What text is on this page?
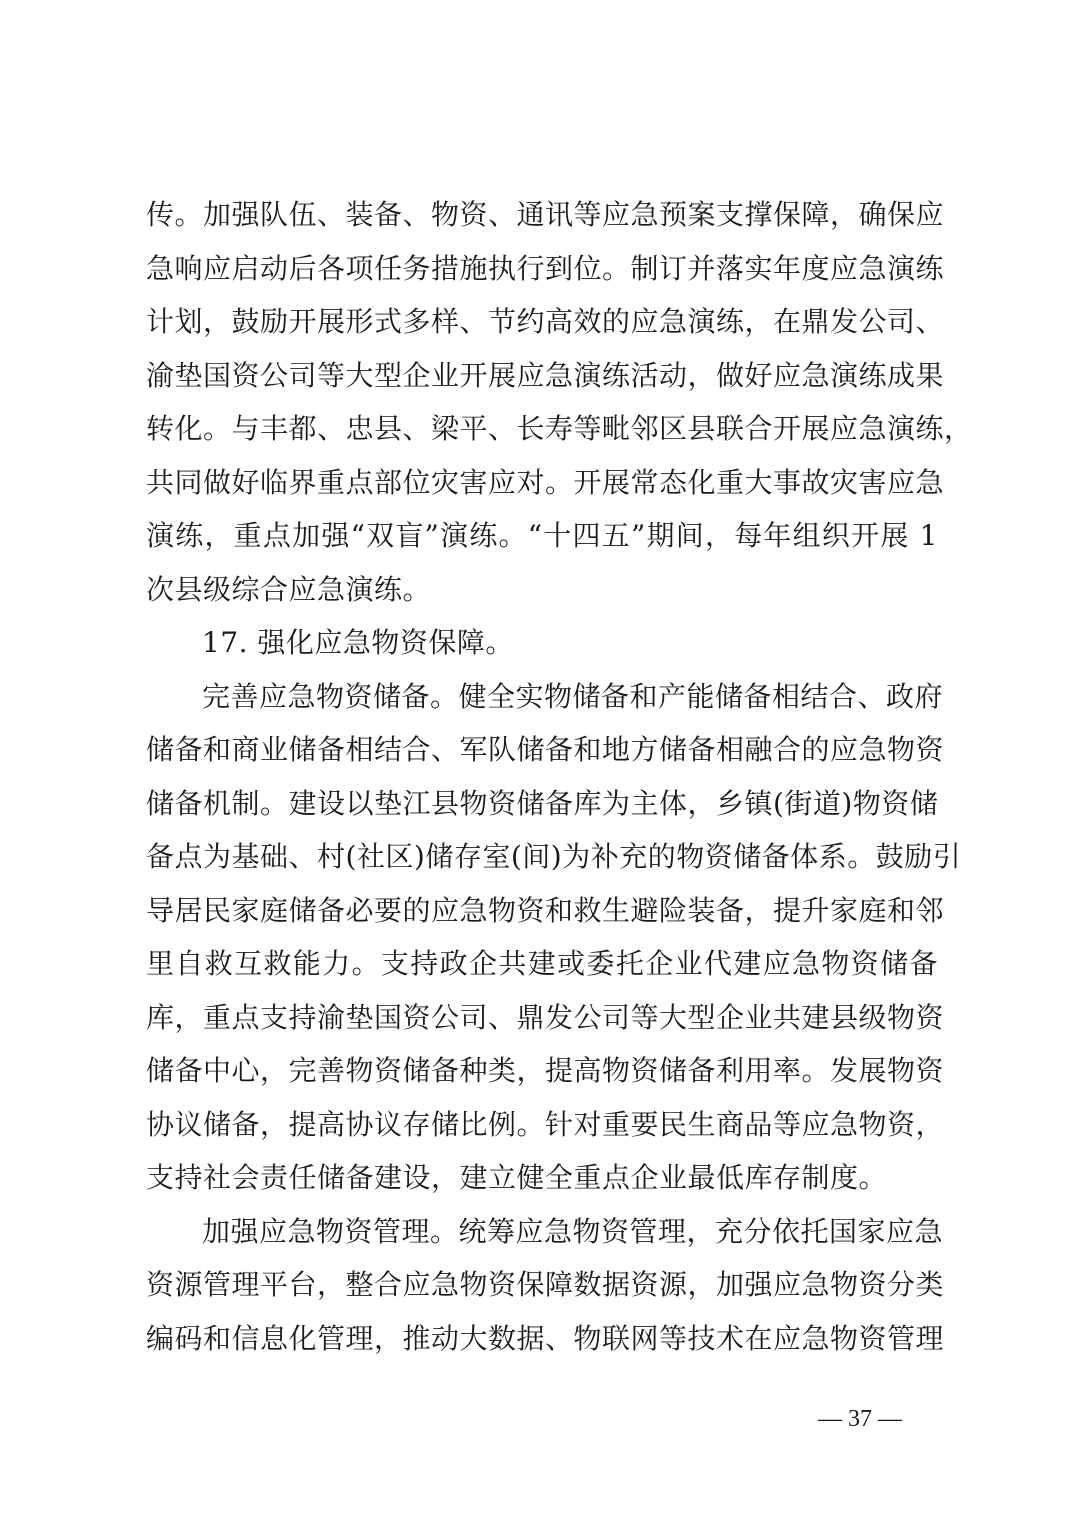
传。加强队伍、装备、物资、通讯等应急预案支撑保障，确保应
急响应启动后各项任务措施执行到位。制订并落实年度应急演练
计划，鼓励开展形式多样、节约高效的应急演练，在鼎发公司、
渝垫国资公司等大型企业开展应急演练活动，做好应急演练成果
转化。与丰都、忠县、梁平、长寿等毗邻区县联合开展应急演练，
共同做好临界重点部位灾害应对。开展常态化重大事故灾害应急
演练，重点加强“双盲”演练。“十四五”期间，每年组织开展 1
次县级综合应急演练。
17. 强化应急物资保障。
完善应急物资储备。健全实物储备和产能储备相结合、政府
储备和商业储备相结合、军队储备和地方储备相融合的应急物资
储备机制。建设以垫江县物资储备库为主体，乡镇(街道)物资储
备点为基础、村(社区)储存室(间)为补充的物资储备体系。鼓励引
导居民家庭储备必要的应急物资和救生避险装备，提升家庭和邻
里自救互救能力。支持政企共建或委托企业代建应急物资储备
库，重点支持渝垫国资公司、鼎发公司等大型企业共建县级物资
储备中心，完善物资储备种类，提高物资储备利用率。发展物资
协议储备，提高协议存储比例。针对重要民生商品等应急物资，
支持社会责任储备建设，建立健全重点企业最低库存制度。
加强应急物资管理。统筹应急物资管理，充分依托国家应急
资源管理平台，整合应急物资保障数据资源，加强应急物资分类
编码和信息化管理，推动大数据、物联网等技术在应急物资管理
— 37 —
